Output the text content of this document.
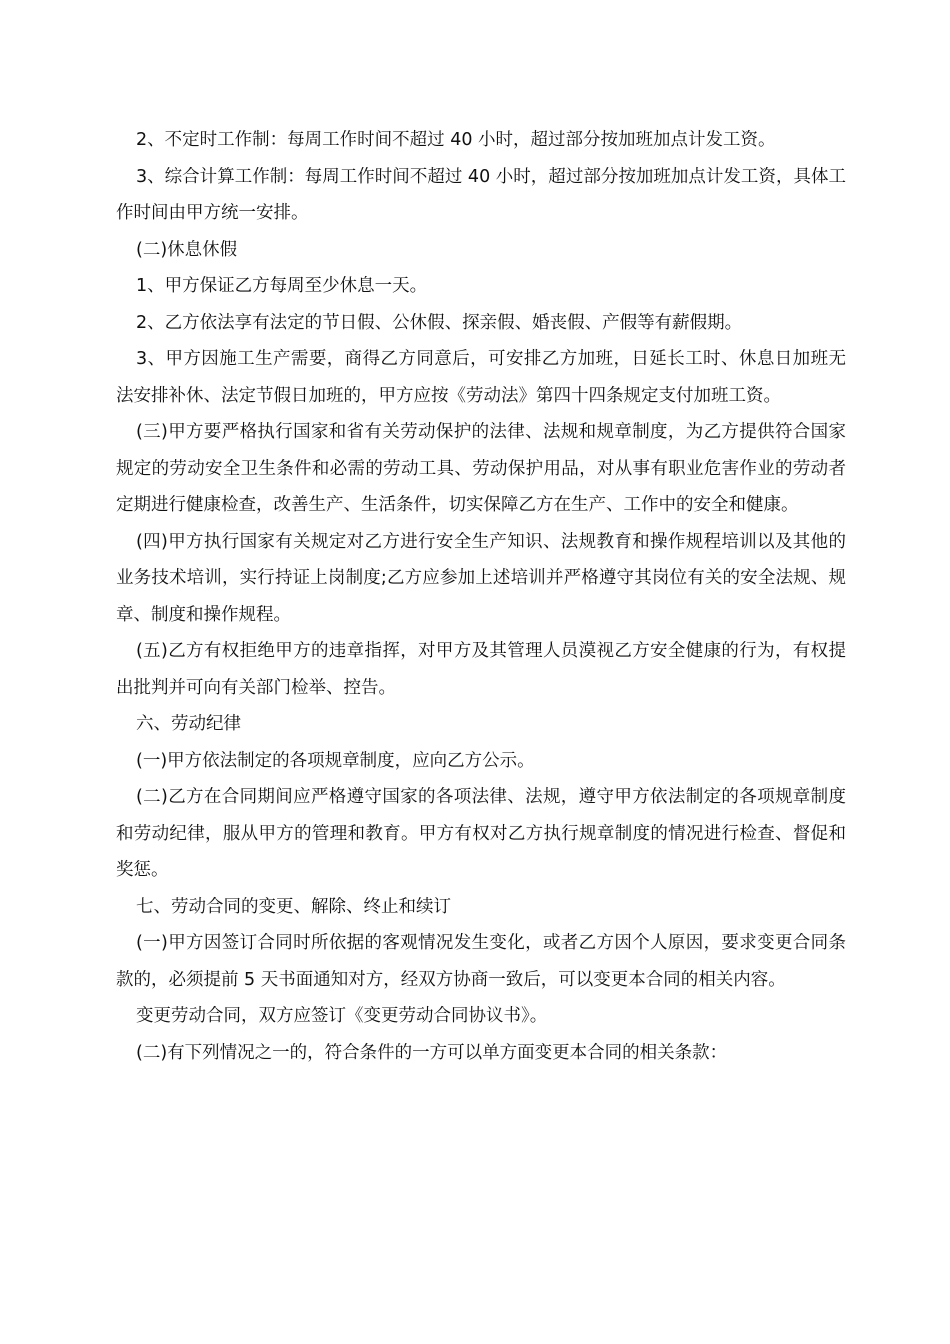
2、不定时工作制：每周工作时间不超过 40 小时，超过部分按加班加点计发工资。

3、综合计算工作制：每周工作时间不超过 40 小时，超过部分按加班加点计发工资，具体工作时间由甲方统一安排。

(二)休息休假

1、甲方保证乙方每周至少休息一天。

2、乙方依法享有法定的节日假、公休假、探亲假、婚丧假、产假等有薪假期。

3、甲方因施工生产需要，商得乙方同意后，可安排乙方加班，日延长工时、休息日加班无法安排补休、法定节假日加班的，甲方应按《劳动法》第四十四条规定支付加班工资。

(三)甲方要严格执行国家和省有关劳动保护的法律、法规和规章制度，为乙方提供符合国家规定的劳动安全卫生条件和必需的劳动工具、劳动保护用品，对从事有职业危害作业的劳动者定期进行健康检查，改善生产、生活条件，切实保障乙方在生产、工作中的安全和健康。

(四)甲方执行国家有关规定对乙方进行安全生产知识、法规教育和操作规程培训以及其他的业务技术培训，实行持证上岗制度;乙方应参加上述培训并严格遵守其岗位有关的安全法规、规章、制度和操作规程。

(五)乙方有权拒绝甲方的违章指挥，对甲方及其管理人员漠视乙方安全健康的行为，有权提出批判并可向有关部门检举、控告。

六、劳动纪律

(一)甲方依法制定的各项规章制度，应向乙方公示。

(二)乙方在合同期间应严格遵守国家的各项法律、法规，遵守甲方依法制定的各项规章制度和劳动纪律，服从甲方的管理和教育。甲方有权对乙方执行规章制度的情况进行检查、督促和奖惩。

七、劳动合同的变更、解除、终止和续订

(一)甲方因签订合同时所依据的客观情况发生变化，或者乙方因个人原因，要求变更合同条款的，必须提前 5 天书面通知对方，经双方协商一致后，可以变更本合同的相关内容。

变更劳动合同，双方应签订《变更劳动合同协议书》。

(二)有下列情况之一的，符合条件的一方可以单方面变更本合同的相关条款：
